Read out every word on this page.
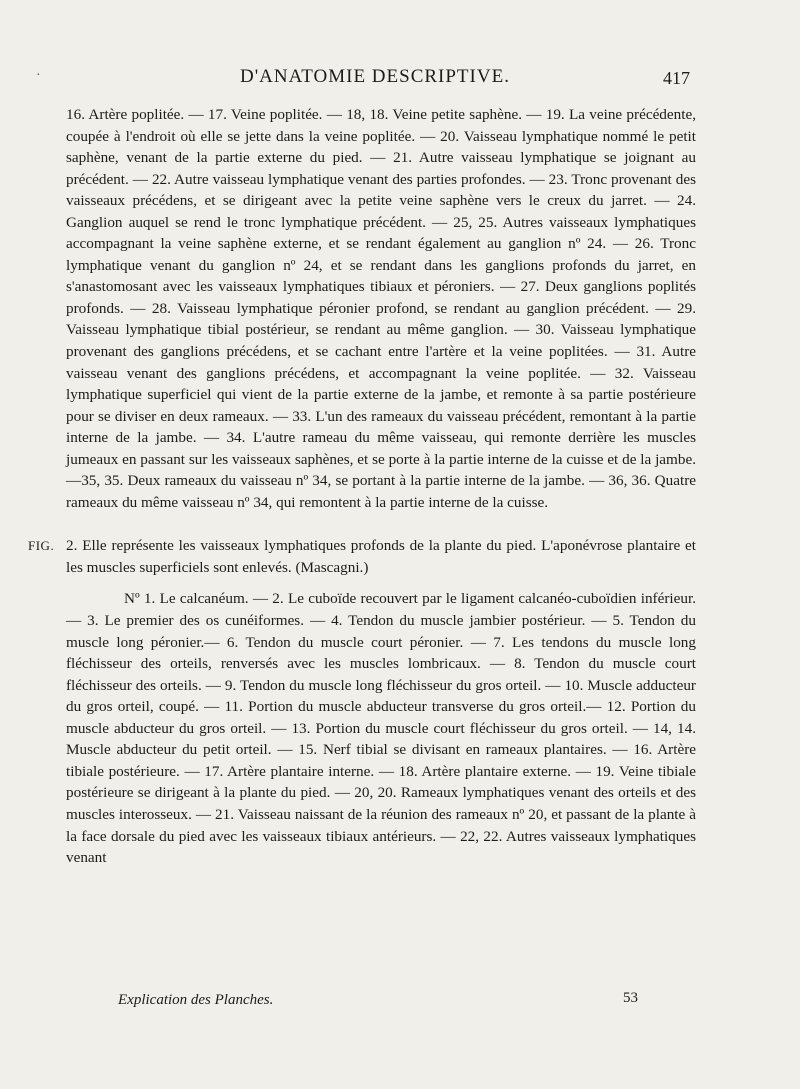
·	D'ANATOMIE DESCRIPTIVE.	417

16. Artère poplitée. — 17. Veine poplitée. — 18, 18. Veine petite saphène. — 19. La veine précédente, coupée à l'endroit où elle se jette dans la veine poplitée. — 20. Vaisseau lymphatique nommé le petit saphène, venant de la partie externe du pied. — 21. Autre vaisseau lymphatique se joignant au précédent. — 22. Autre vaisseau lymphatique venant des parties profondes. — 23. Tronc provenant des vaisseaux précédens, et se dirigeant avec la petite veine saphène vers le creux du jarret. — 24. Ganglion auquel se rend le tronc lymphatique précédent. — 25, 25. Autres vaisseaux lymphatiques accompagnant la veine saphène externe, et se rendant également au ganglion nº 24. — 26. Tronc lymphatique venant du ganglion nº 24, et se rendant dans les ganglions profonds du jarret, en s'anastomosant avec les vaisseaux lymphatiques tibiaux et péroniers. — 27. Deux ganglions poplités profonds. — 28. Vaisseau lymphatique péronier profond, se rendant au ganglion précédent. — 29. Vaisseau lymphatique tibial postérieur, se rendant au même ganglion. — 30. Vaisseau lymphatique provenant des ganglions précédens, et se cachant entre l'artère et la veine poplitées. — 31. Autre vaisseau venant des ganglions précédens, et accompagnant la veine poplitée. — 32. Vaisseau lymphatique superficiel qui vient de la partie externe de la jambe, et remonte à sa partie postérieure pour se diviser en deux rameaux. — 33. L'un des rameaux du vaisseau précédent, remontant à la partie interne de la jambe. — 34. L'autre rameau du même vaisseau, qui remonte derrière les muscles jumeaux en passant sur les vaisseaux saphènes, et se porte à la partie interne de la cuisse et de la jambe.—35, 35. Deux rameaux du vaisseau nº 34, se portant à la partie interne de la jambe. — 36, 36. Quatre rameaux du même vaisseau nº 34, qui remontent à la partie interne de la cuisse.

FIG. 2. Elle représente les vaisseaux lymphatiques profonds de la plante du pied. L'aponévrose plantaire et les muscles superficiels sont enlevés. (Mascagni.)

Nº 1. Le calcanéum. — 2. Le cuboïde recouvert par le ligament calcanéo-cuboïdien inférieur. — 3. Le premier des os cunéiformes. — 4. Tendon du muscle jambier postérieur. — 5. Tendon du muscle long péronier.— 6. Tendon du muscle court péronier. — 7. Les tendons du muscle long fléchisseur des orteils, renversés avec les muscles lombricaux. — 8. Tendon du muscle court fléchisseur des orteils. — 9. Tendon du muscle long fléchisseur du gros orteil. — 10. Muscle adducteur du gros orteil, coupé. — 11. Portion du muscle abducteur transverse du gros orteil.— 12. Portion du muscle abducteur du gros orteil. — 13. Portion du muscle court fléchisseur du gros orteil. — 14, 14. Muscle abducteur du petit orteil. — 15. Nerf tibial se divisant en rameaux plantaires. — 16. Artère tibiale postérieure. — 17. Artère plantaire interne. — 18. Artère plantaire externe. — 19. Veine tibiale postérieure se dirigeant à la plante du pied. — 20, 20. Rameaux lymphatiques venant des orteils et des muscles interosseux. — 21. Vaisseau naissant de la réunion des rameaux nº 20, et passant de la plante à la face dorsale du pied avec les vaisseaux tibiaux antérieurs. — 22, 22. Autres vaisseaux lymphatiques venant

Explication des Planches.	53
